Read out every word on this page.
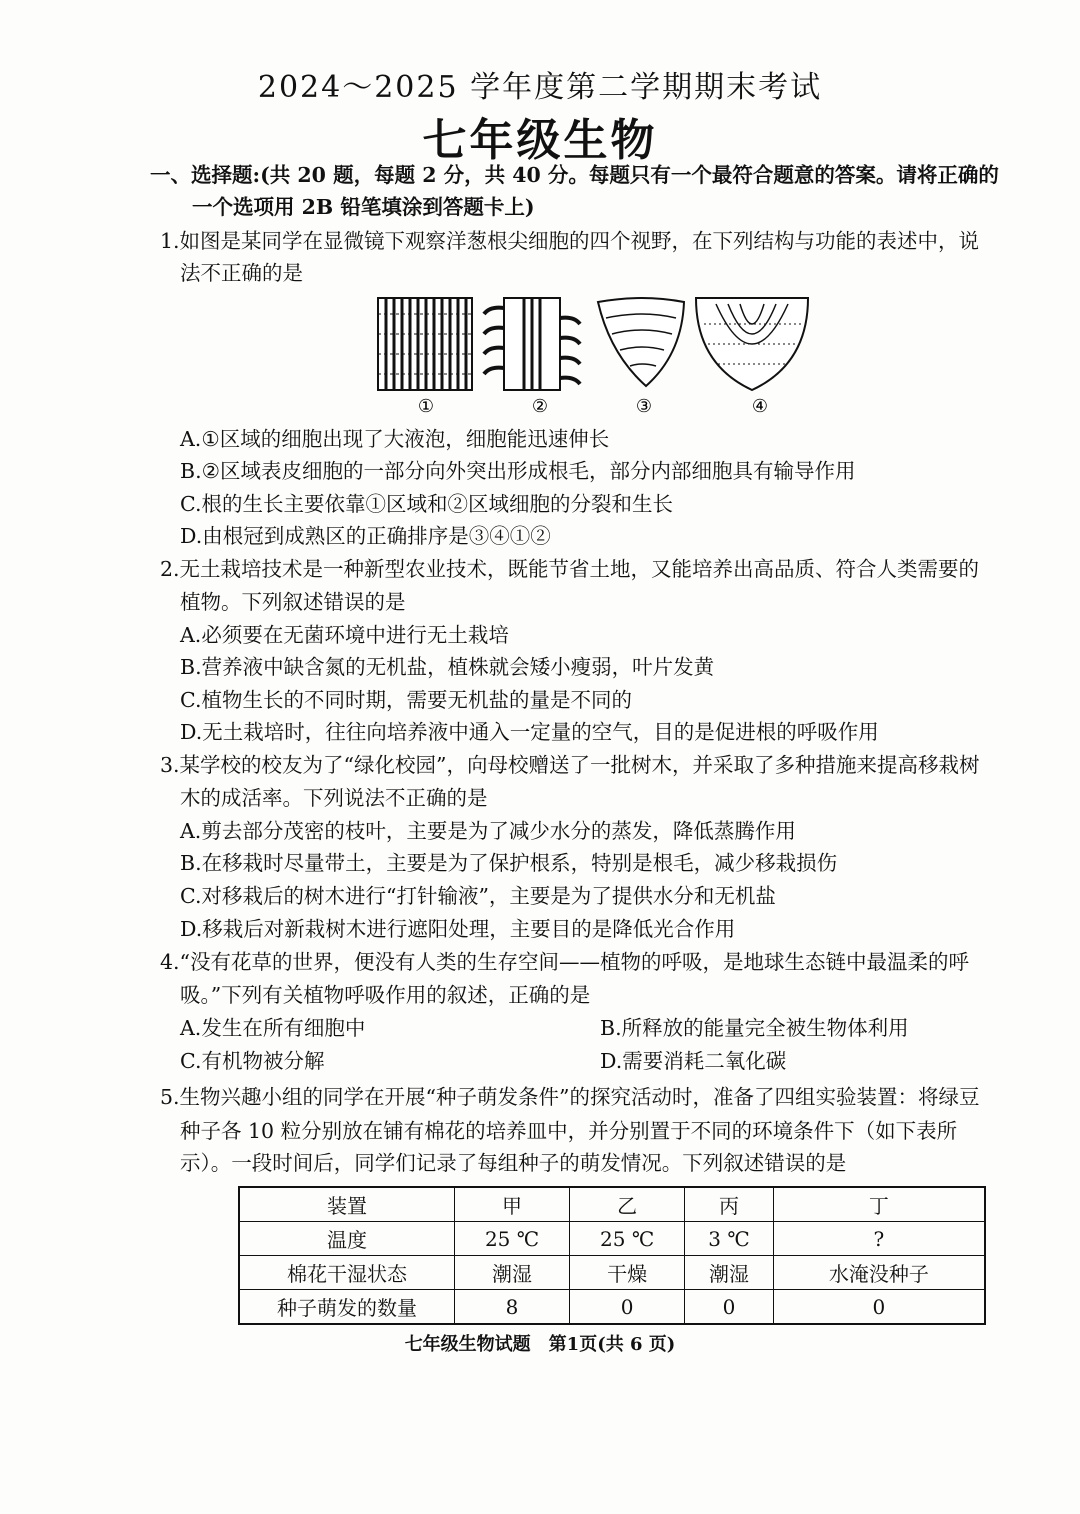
2024～2025 学年度第二学期期末考试
七年级生物
一、选择题:(共 20 题，每题 2 分，共 40 分。每题只有一个最符合题意的答案。请将正确的
一个选项用 2B 铅笔填涂到答题卡上)
1.如图是某同学在显微镜下观察洋葱根尖细胞的四个视野，在下列结构与功能的表述中，说
法不正确的是
①	②	③	④
A.①区域的细胞出现了大液泡，细胞能迅速伸长
B.②区域表皮细胞的一部分向外突出形成根毛，部分内部细胞具有输导作用
C.根的生长主要依靠①区域和②区域细胞的分裂和生长
D.由根冠到成熟区的正确排序是③④①②
2.无土栽培技术是一种新型农业技术，既能节省土地，又能培养出高品质、符合人类需要的
植物。下列叙述错误的是
A.必须要在无菌环境中进行无土栽培
B.营养液中缺含氮的无机盐，植株就会矮小瘦弱，叶片发黄
C.植物生长的不同时期，需要无机盐的量是不同的
D.无土栽培时，往往向培养液中通入一定量的空气，目的是促进根的呼吸作用
3.某学校的校友为了“绿化校园”，向母校赠送了一批树木，并采取了多种措施来提高移栽树
木的成活率。下列说法不正确的是
A.剪去部分茂密的枝叶，主要是为了减少水分的蒸发，降低蒸腾作用
B.在移栽时尽量带土，主要是为了保护根系，特别是根毛，减少移栽损伤
C.对移栽后的树木进行“打针输液”，主要是为了提供水分和无机盐
D.移栽后对新栽树木进行遮阳处理，主要目的是降低光合作用
4.“没有花草的世界，便没有人类的生存空间——植物的呼吸，是地球生态链中最温柔的呼
吸。”下列有关植物呼吸作用的叙述，正确的是
A.发生在所有细胞中	B.所释放的能量完全被生物体利用
C.有机物被分解	D.需要消耗二氧化碳
5.生物兴趣小组的同学在开展“种子萌发条件”的探究活动时，准备了四组实验装置：将绿豆
种子各 10 粒分别放在铺有棉花的培养皿中，并分别置于不同的环境条件下（如下表所
示）。一段时间后，同学们记录了每组种子的萌发情况。下列叙述错误的是
装置	甲	乙	丙	丁
温度	25 ℃	25 ℃	3 ℃	?
棉花干湿状态	潮湿	干燥	潮湿	水淹没种子
种子萌发的数量	8	0	0	0
七年级生物试题　第1页(共 6 页)
